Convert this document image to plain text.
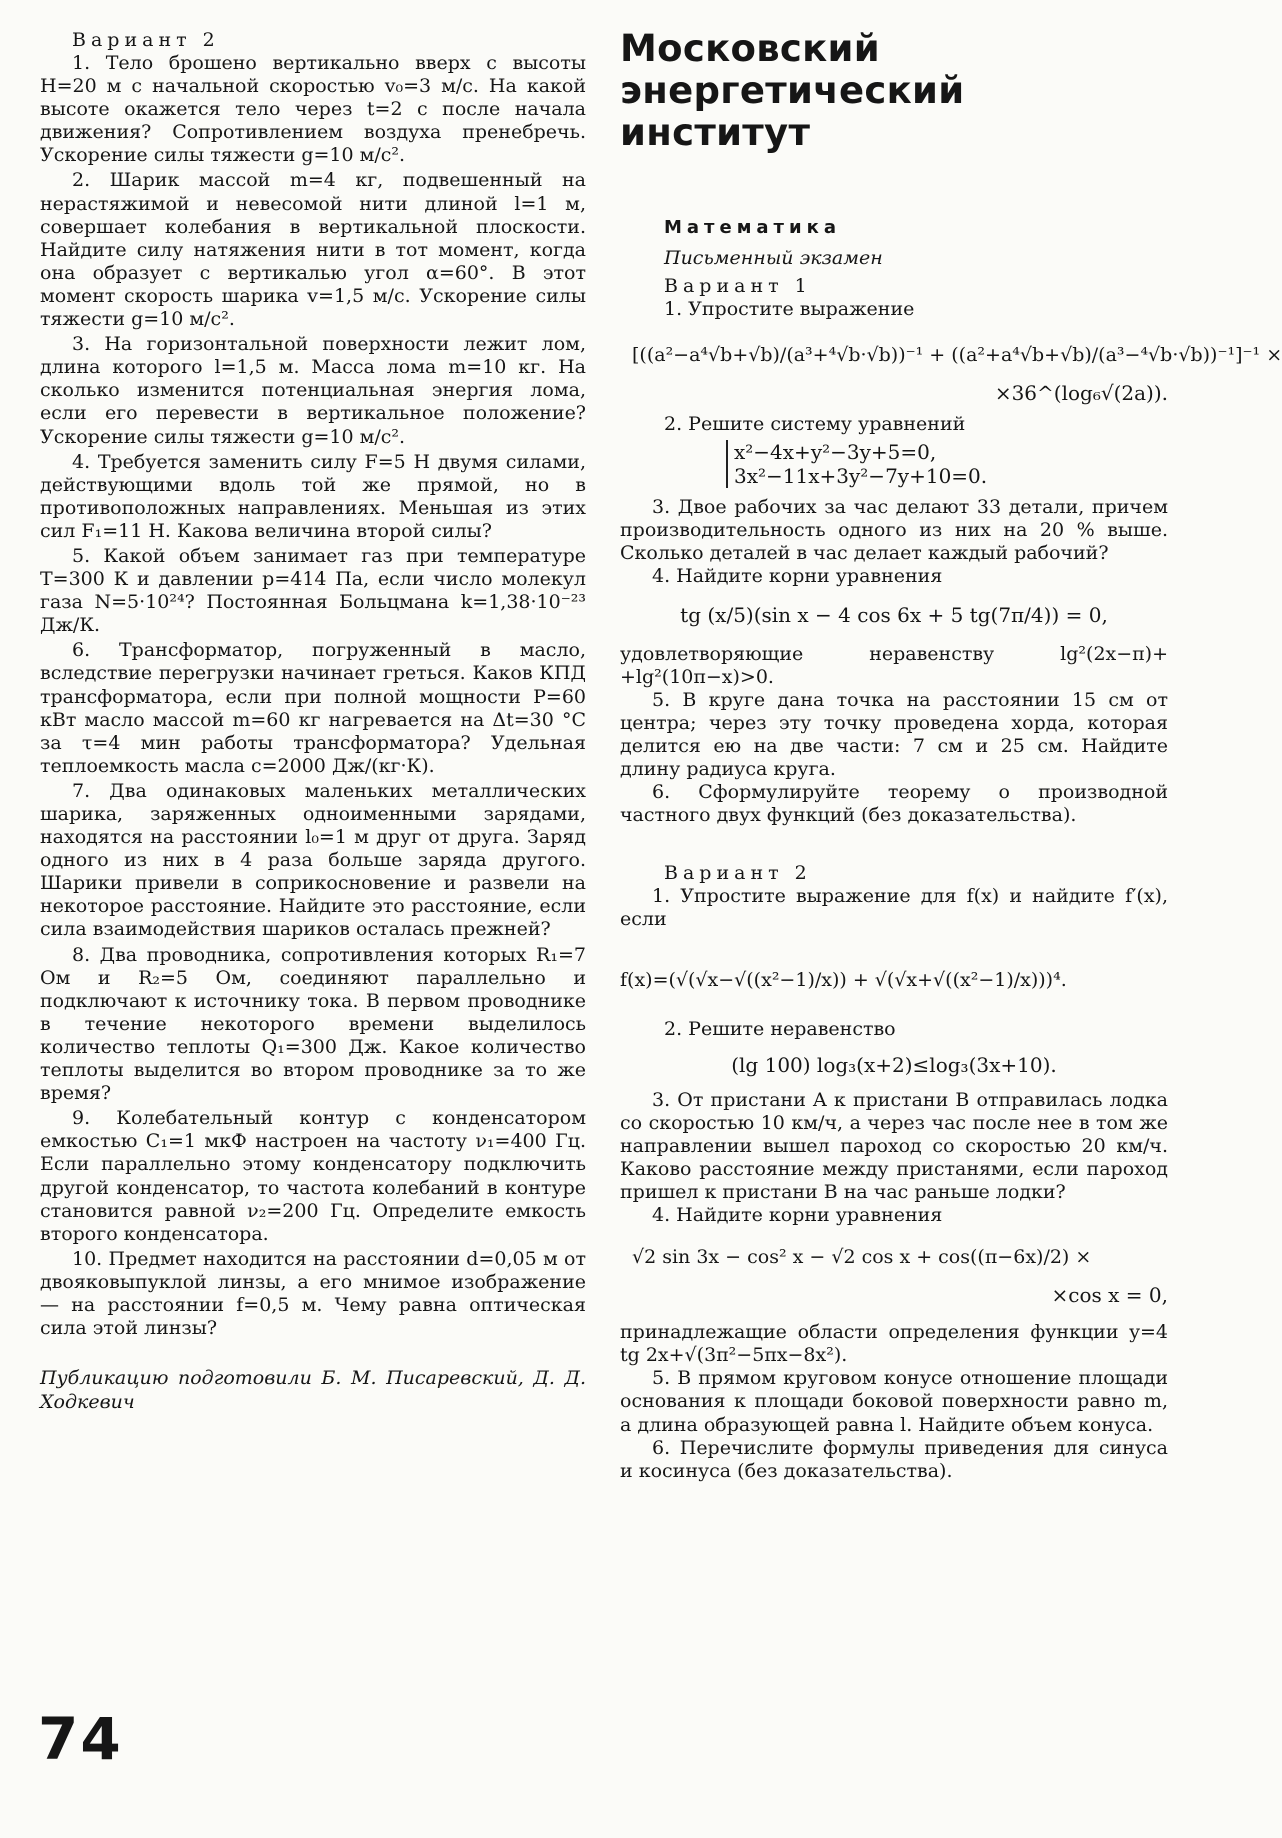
Вариант 2

1. Тело брошено вертикально вверх с высоты H=20 м с начальной скоростью v₀=3 м/с. На какой высоте окажется тело через t=2 с после начала движения? Сопротивлением воздуха пренебречь. Ускорение силы тяжести g=10 м/с².

2. Шарик массой m=4 кг, подвешенный на нерастяжимой и невесомой нити длиной l=1 м, совершает колебания в вертикальной плоскости. Найдите силу натяжения нити в тот момент, когда она образует с вертикалью угол α=60°. В этот момент скорость шарика v=1,5 м/с. Ускорение силы тяжести g=10 м/с².

3. На горизонтальной поверхности лежит лом, длина которого l=1,5 м. Масса лома m=10 кг. На сколько изменится потенциальная энергия лома, если его перевести в вертикальное положение? Ускорение силы тяжести g=10 м/с².

4. Требуется заменить силу F=5 Н двумя силами, действующими вдоль той же прямой, но в противоположных направлениях. Меньшая из этих сил F₁=11 Н. Какова величина второй силы?

5. Какой объем занимает газ при температуре T=300 К и давлении p=414 Па, если число молекул газа N=5·10²⁴? Постоянная Больцмана k=1,38·10⁻²³ Дж/К.

6. Трансформатор, погруженный в масло, вследствие перегрузки начинает греться. Каков КПД трансформатора, если при полной мощности P=60 кВт масло массой m=60 кг нагревается на Δt=30 °С за τ=4 мин работы трансформатора? Удельная теплоемкость масла c=2000 Дж/(кг·К).

7. Два одинаковых маленьких металлических шарика, заряженных одноименными зарядами, находятся на расстоянии l₀=1 м друг от друга. Заряд одного из них в 4 раза больше заряда другого. Шарики привели в соприкосновение и развели на некоторое расстояние. Найдите это расстояние, если сила взаимодействия шариков осталась прежней?

8. Два проводника, сопротивления которых R₁=7 Ом и R₂=5 Ом, соединяют параллельно и подключают к источнику тока. В первом проводнике в течение некоторого времени выделилось количество теплоты Q₁=300 Дж. Какое количество теплоты выделится во втором проводнике за то же время?

9. Колебательный контур с конденсатором емкостью C₁=1 мкФ настроен на частоту ν₁=400 Гц. Если параллельно этому конденсатору подключить другой конденсатор, то частота колебаний в контуре становится равной ν₂=200 Гц. Определите емкость второго конденсатора.

10. Предмет находится на расстоянии d=0,05 м от двояковыпуклой линзы, а его мнимое изображение — на расстоянии f=0,5 м. Чему равна оптическая сила этой линзы?

Публикацию подготовили Б. М. Писаревский, Д. Д. Ходкевич

Московский энергетический институт

Математика

Письменный экзамен

Вариант 1

1. Упростите выражение

[((a²−a⁴√b+√b)/(a³+⁴√b·√b))⁻¹ + ((a²+a⁴√b+√b)/(a³−⁴√b·√b))⁻¹]⁻¹ ×

×36^(log₆√(2a)).

2. Решите систему уравнений

x²−4x+y²−3y+5=0,

3x²−11x+3y²−7y+10=0.

3. Двое рабочих за час делают 33 детали, причем производительность одного из них на 20 % выше. Сколько деталей в час делает каждый рабочий?

4. Найдите корни уравнения

tg (x/5)(sin x − 4 cos 6x + 5 tg(7π/4)) = 0,

удовлетворяющие неравенству lg²(2x−π)+ +lg²(10π−x)>0.

5. В круге дана точка на расстоянии 15 см от центра; через эту точку проведена хорда, которая делится ею на две части: 7 см и 25 см. Найдите длину радиуса круга.

6. Сформулируйте теорему о производной частного двух функций (без доказательства).

Вариант 2

1. Упростите выражение для f(x) и найдите f′(x), если

f(x)=(√(√x−√((x²−1)/x)) + √(√x+√((x²−1)/x)))⁴.

2. Решите неравенство

(lg 100) log₃(x+2)≤log₃(3x+10).

3. От пристани A к пристани B отправилась лодка со скоростью 10 км/ч, а через час после нее в том же направлении вышел пароход со скоростью 20 км/ч. Каково расстояние между пристанями, если пароход пришел к пристани B на час раньше лодки?

4. Найдите корни уравнения

√2 sin 3x − cos² x − √2 cos x + cos((π−6x)/2) ×

×cos x = 0,

принадлежащие области определения функции y=4 tg 2x+√(3π²−5πx−8x²).

5. В прямом круговом конусе отношение площади основания к площади боковой поверхности равно m, а длина образующей равна l. Найдите объем конуса.

6. Перечислите формулы приведения для синуса и косинуса (без доказательства).

74
